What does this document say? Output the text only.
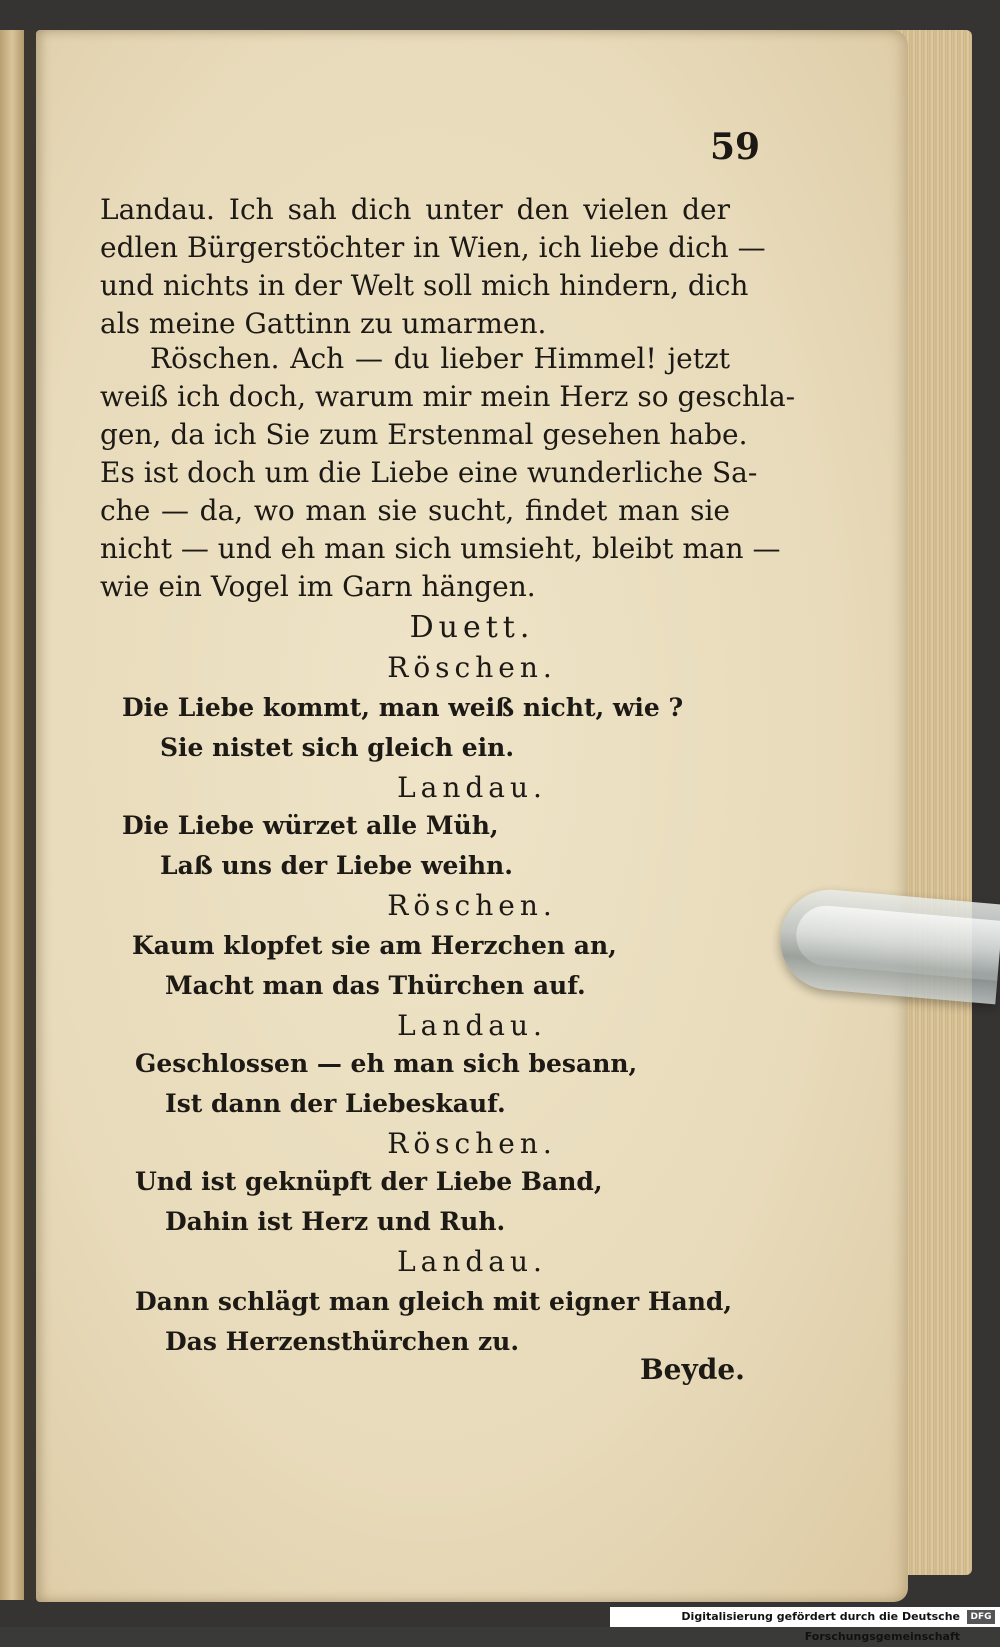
59
Landau. Ich sah dich unter den vielen der
edlen Bürgerstöchter in Wien, ich liebe dich —
und nichts in der Welt soll mich hindern, dich
als meine Gattinn zu umarmen.
Röschen. Ach — du lieber Himmel! jetzt
weiß ich doch, warum mir mein Herz so geschla-
gen, da ich Sie zum Erstenmal gesehen habe.
Es ist doch um die Liebe eine wunderliche Sa-
che — da, wo man sie sucht, findet man sie
nicht — und eh man sich umsieht, bleibt man —
wie ein Vogel im Garn hängen.
Duett.
Röschen.
Die Liebe kommt, man weiß nicht, wie ?
Sie nistet sich gleich ein.
Landau.
Die Liebe würzet alle Müh,
Laß uns der Liebe weihn.
Röschen.
Kaum klopfet sie am Herzchen an,
Macht man das Thürchen auf.
Landau.
Geschlossen — eh man sich besann,
Ist dann der Liebeskauf.
Röschen.
Und ist geknüpft der Liebe Band,
Dahin ist Herz und Ruh.
Landau.
Dann schlägt man gleich mit eigner Hand,
Das Herzensthürchen zu.
Beyde.
Digitalisierung gefördert durch die Deutsche Forschungsgemeinschaft
DFG
